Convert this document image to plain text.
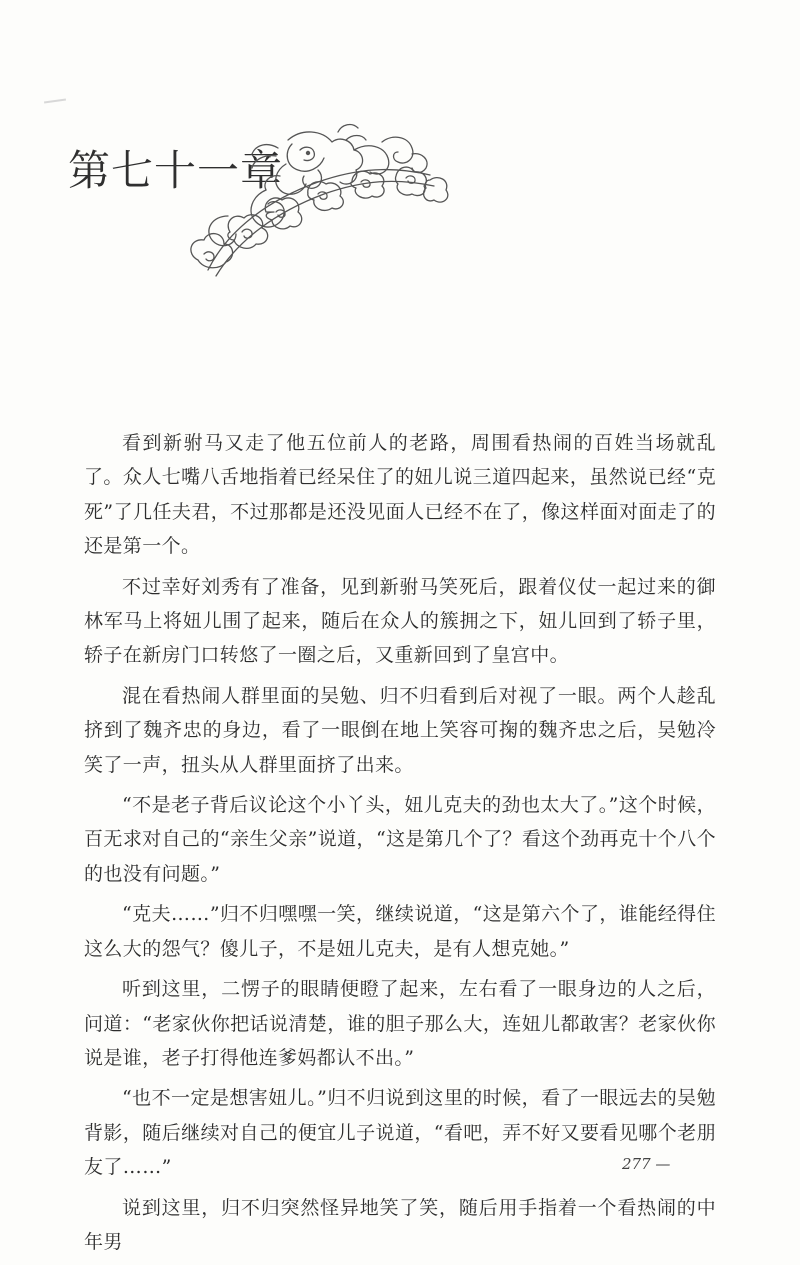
第七十一章

看到新驸马又走了他五位前人的老路，周围看热闹的百姓当场就乱了。众人七嘴八舌地指着已经呆住了的妞儿说三道四起来，虽然说已经“克死”了几任夫君，不过那都是还没见面人已经不在了，像这样面对面走了的还是第一个。

不过幸好刘秀有了准备，见到新驸马笑死后，跟着仪仗一起过来的御林军马上将妞儿围了起来，随后在众人的簇拥之下，妞儿回到了轿子里，轿子在新房门口转悠了一圈之后，又重新回到了皇宫中。

混在看热闹人群里面的吴勉、归不归看到后对视了一眼。两个人趁乱挤到了魏齐忠的身边，看了一眼倒在地上笑容可掬的魏齐忠之后，吴勉冷笑了一声，扭头从人群里面挤了出来。

“不是老子背后议论这个小丫头，妞儿克夫的劲也太大了。”这个时候，百无求对自己的“亲生父亲”说道，“这是第几个了？看这个劲再克十个八个的也没有问题。”

“克夫……”归不归嘿嘿一笑，继续说道，“这是第六个了，谁能经得住这么大的怨气？傻儿子，不是妞儿克夫，是有人想克她。”

听到这里，二愣子的眼睛便瞪了起来，左右看了一眼身边的人之后，问道：“老家伙你把话说清楚，谁的胆子那么大，连妞儿都敢害？老家伙你说是谁，老子打得他连爹妈都认不出。”

“也不一定是想害妞儿。”归不归说到这里的时候，看了一眼远去的吴勉背影，随后继续对自己的便宜儿子说道，“看吧，弄不好又要看见哪个老朋友了……”

说到这里，归不归突然怪异地笑了笑，随后用手指着一个看热闹的中年男

277 —
